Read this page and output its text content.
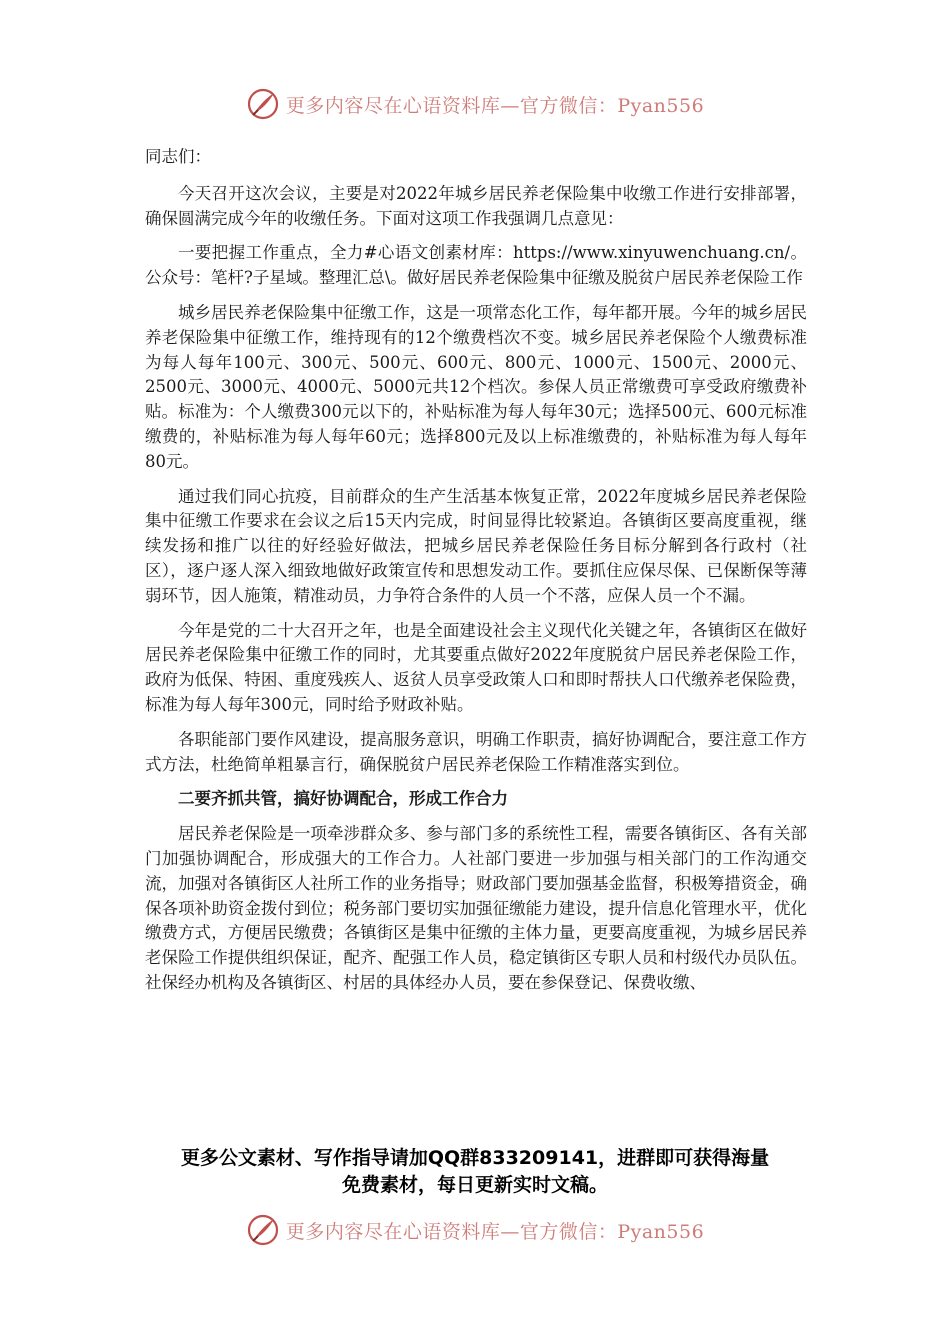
更多内容尽在心语资料库—官方微信：Pyan556

同志们：

今天召开这次会议，主要是对2022年城乡居民养老保险集中收缴工作进行安排部署，确保圆满完成今年的收缴任务。下面对这项工作我强调几点意见：

一要把握工作重点，全力#心语文创素材库：https://www.xinyuwenchuang.cn/。公众号：笔杆?子星域。整理汇总\。做好居民养老保险集中征缴及脱贫户居民养老保险工作

城乡居民养老保险集中征缴工作，这是一项常态化工作，每年都开展。今年的城乡居民养老保险集中征缴工作，维持现有的12个缴费档次不变。城乡居民养老保险个人缴费标准为每人每年100元、300元、500元、600元、800元、1000元、1500元、2000元、2500元、3000元、4000元、5000元共12个档次。参保人员正常缴费可享受政府缴费补贴。标准为：个人缴费300元以下的，补贴标准为每人每年30元；选择500元、600元标准缴费的，补贴标准为每人每年60元；选择800元及以上标准缴费的，补贴标准为每人每年80元。

通过我们同心抗疫，目前群众的生产生活基本恢复正常，2022年度城乡居民养老保险集中征缴工作要求在会议之后15天内完成，时间显得比较紧迫。各镇街区要高度重视，继续发扬和推广以往的好经验好做法，把城乡居民养老保险任务目标分解到各行政村（社区），逐户逐人深入细致地做好政策宣传和思想发动工作。要抓住应保尽保、已保断保等薄弱环节，因人施策，精准动员，力争符合条件的人员一个不落，应保人员一个不漏。

今年是党的二十大召开之年，也是全面建设社会主义现代化关键之年，各镇街区在做好居民养老保险集中征缴工作的同时，尤其要重点做好2022年度脱贫户居民养老保险工作，政府为低保、特困、重度残疾人、返贫人员享受政策人口和即时帮扶人口代缴养老保险费，标准为每人每年300元，同时给予财政补贴。

各职能部门要作风建设，提高服务意识，明确工作职责，搞好协调配合，要注意工作方式方法，杜绝简单粗暴言行，确保脱贫户居民养老保险工作精准落实到位。

二要齐抓共管，搞好协调配合，形成工作合力

居民养老保险是一项牵涉群众多、参与部门多的系统性工程，需要各镇街区、各有关部门加强协调配合，形成强大的工作合力。人社部门要进一步加强与相关部门的工作沟通交流，加强对各镇街区人社所工作的业务指导；财政部门要加强基金监督，积极筹措资金，确保各项补助资金拨付到位；税务部门要切实加强征缴能力建设，提升信息化管理水平，优化缴费方式，方便居民缴费；各镇街区是集中征缴的主体力量，更要高度重视，为城乡居民养老保险工作提供组织保证，配齐、配强工作人员，稳定镇街区专职人员和村级代办员队伍。社保经办机构及各镇街区、村居的具体经办人员，要在参保登记、保费收缴、

更多公文素材、写作指导请加QQ群833209141，进群即可获得海量
免费素材，每日更新实时文稿。
更多内容尽在心语资料库—官方微信：Pyan556
